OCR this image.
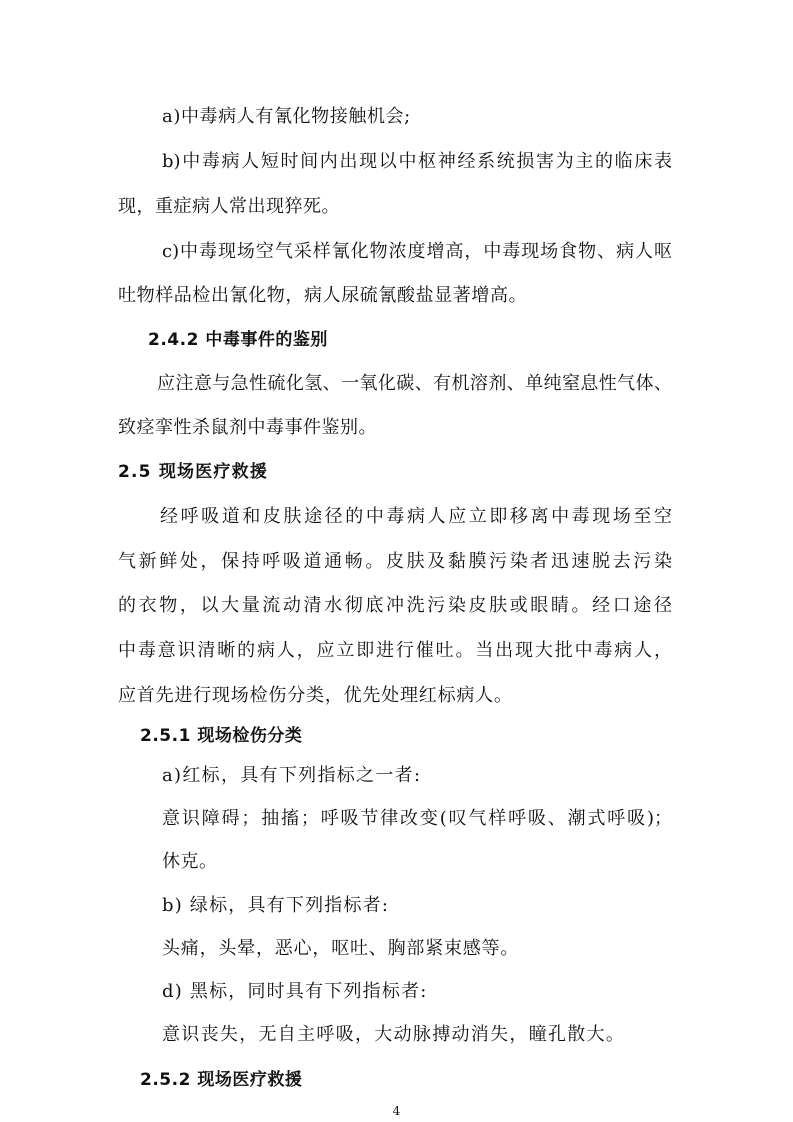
a)中毒病人有氰化物接触机会;
b)中毒病人短时间内出现以中枢神经系统损害为主的临床表
现，重症病人常出现猝死。
c)中毒现场空气采样氰化物浓度增高，中毒现场食物、病人呕
吐物样品检出氰化物，病人尿硫氰酸盐显著增高。
2.4.2 中毒事件的鉴别
应注意与急性硫化氢、一氧化碳、有机溶剂、单纯窒息性气体、
致痉挛性杀鼠剂中毒事件鉴别。
2.5 现场医疗救援
经呼吸道和皮肤途径的中毒病人应立即移离中毒现场至空
气新鲜处，保持呼吸道通畅。皮肤及黏膜污染者迅速脱去污染
的衣物，以大量流动清水彻底冲洗污染皮肤或眼睛。经口途径
中毒意识清晰的病人，应立即进行催吐。当出现大批中毒病人，
应首先进行现场检伤分类，优先处理红标病人。
2.5.1 现场检伤分类
a)红标，具有下列指标之一者:
意识障碍；抽搐；呼吸节律改变(叹气样呼吸、潮式呼吸)；
休克。
b) 绿标，具有下列指标者:
头痛，头晕，恶心，呕吐、胸部紧束感等。
d) 黑标，同时具有下列指标者:
意识丧失，无自主呼吸，大动脉搏动消失，瞳孔散大。
2.5.2 现场医疗救援
4
